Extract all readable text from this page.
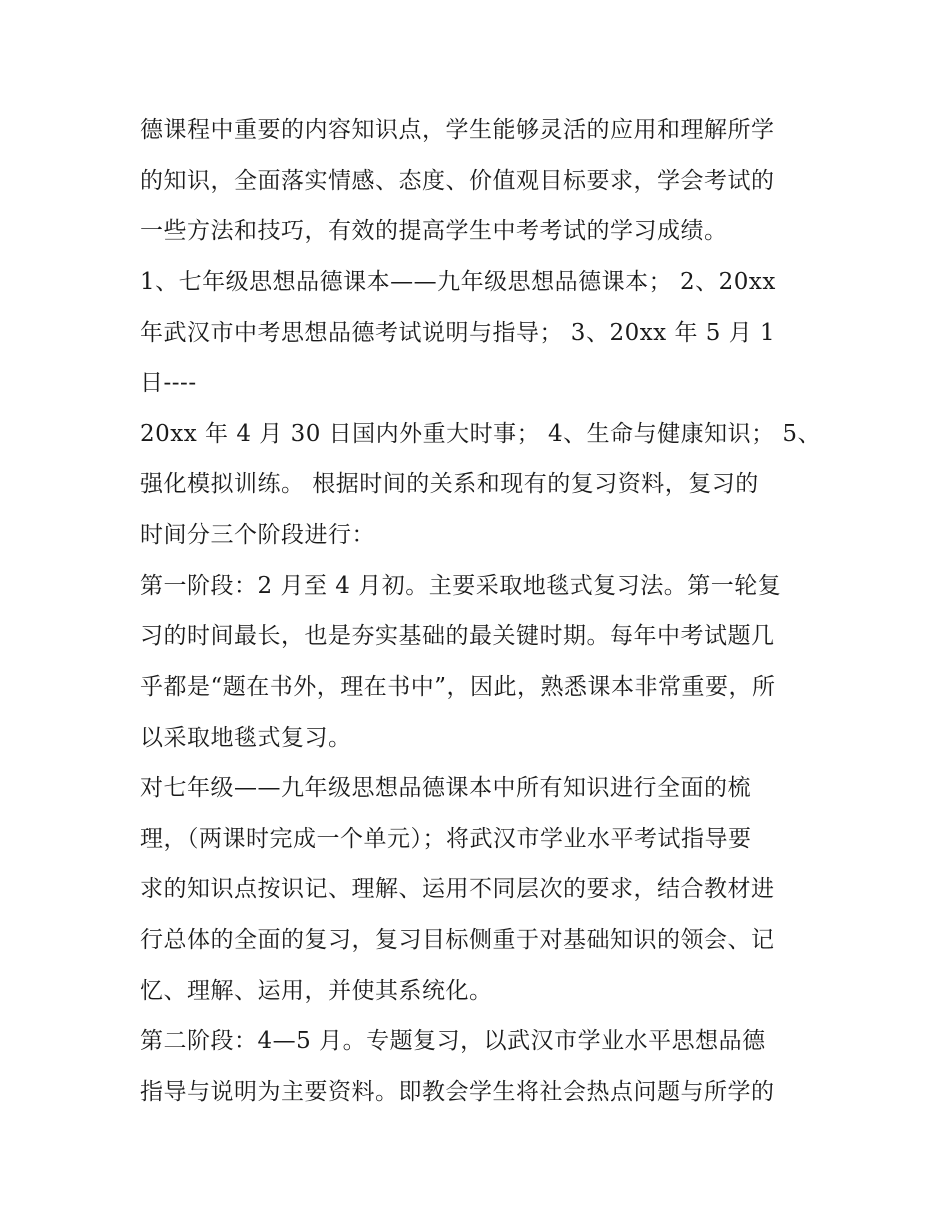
德课程中重要的内容知识点，学生能够灵活的应用和理解所学
的知识，全面落实情感、态度、价值观目标要求，学会考试的
一些方法和技巧，有效的提高学生中考考试的学习成绩。
1、七年级思想品德课本——九年级思想品德课本； 2、20xx
年武汉市中考思想品德考试说明与指导； 3、20xx 年 5 月 1
日----
20xx 年 4 月 30 日国内外重大时事； 4、生命与健康知识； 5、
强化模拟训练。 根据时间的关系和现有的复习资料，复习的
时间分三个阶段进行：
第一阶段：2 月至 4 月初。主要采取地毯式复习法。第一轮复
习的时间最长，也是夯实基础的最关键时期。每年中考试题几
乎都是“题在书外，理在书中”，因此，熟悉课本非常重要，所
以采取地毯式复习。
对七年级——九年级思想品德课本中所有知识进行全面的梳
理，（两课时完成一个单元）；将武汉市学业水平考试指导要
求的知识点按识记、理解、运用不同层次的要求，结合教材进
行总体的全面的复习，复习目标侧重于对基础知识的领会、记
忆、理解、运用，并使其系统化。
第二阶段：4—5 月。专题复习，以武汉市学业水平思想品德
指导与说明为主要资料。即教会学生将社会热点问题与所学的
